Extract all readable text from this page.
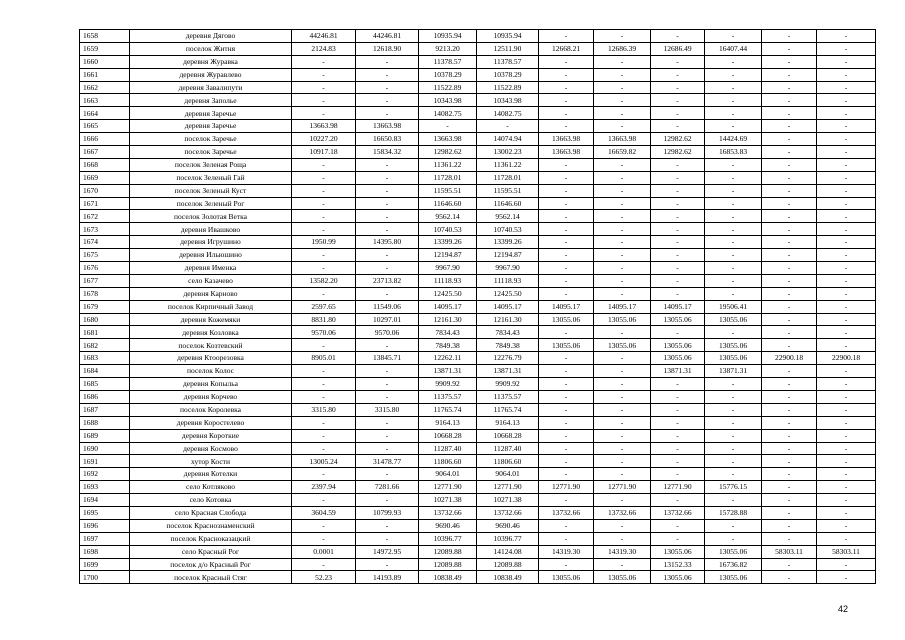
1658	деревня Дягово	44246.81	44246.81	10935.94	10935.94	-	-	-	-	-	-
1659	поселок Житня	2124.83	12618.90	9213.20	12511.90	12668.21	12686.39	12686.49	16407.44	-	-
1660	деревня Журавка	-	-	11378.57	11378.57	-	-	-	-	-	-
1661	деревня Журавлево	-	-	10378.29	10378.29	-	-	-	-	-	-
1662	деревня Завалипути	-	-	11522.89	11522.89	-	-	-	-	-	-
1663	деревня Заполье	-	-	10343.98	10343.98	-	-	-	-	-	-
1664	деревня Заречье	-	-	14082.75	14082.75	-	-	-	-	-	-
1665	деревня Заречье	13663.98	13663.98	-	-	-	-	-	-	-	-
1666	поселок Заречье	10227.20	16650.83	13663.98	14074.94	13663.98	13663.98	12982.62	14424.69	-	-
1667	поселок Заречье	10917.18	15834.32	12982.62	13002.23	13663.98	16659.82	12982.62	16853.83	-	-
1668	поселок Зеленая Роща	-	-	11361.22	11361.22	-	-	-	-	-	-
1669	поселок Зеленый Гай	-	-	11728.01	11728.01	-	-	-	-	-	-
1670	поселок Зеленый Куст	-	-	11595.51	11595.51	-	-	-	-	-	-
1671	поселок Зеленый Рог	-	-	11646.60	11646.60	-	-	-	-	-	-
1672	поселок Золотая Ветка	-	-	9562.14	9562.14	-	-	-	-	-	-
1673	деревня Ивашково	-	-	10740.53	10740.53	-	-	-	-	-	-
1674	деревня Игрушино	1950.99	14395.80	13399.26	13399.26	-	-	-	-	-	-
1675	деревня Ильюшино	-	-	12194.87	12194.87	-	-	-	-	-	-
1676	деревня Именка	-	-	9967.90	9967.90	-	-	-	-	-	-
1677	село Казачево	13582.20	23713.82	11118.93	11118.93	-	-	-	-	-	-
1678	деревня Карново	-	-	12425.50	12425.50	-	-	-	-	-	-
1679	поселок Кирпичный Завод	2597.65	11549.06	14095.17	14095.17	14095.17	14095.17	14095.17	19506.41	-	-
1680	деревня Кожемяки	8831.80	10297.01	12161.30	12161.30	13055.06	13055.06	13055.06	13055.06	-	-
1681	деревня Козловка	9570.06	9570.06	7834.43	7834.43	-	-	-	-	-	-
1682	поселок Козтевский	-	-	7849.38	7849.38	13055.06	13055.06	13055.06	13055.06	-	-
1683	деревня Ктоорезовка	8905.01	13845.71	12262.11	12276.79	-	-	13055.06	13055.06	22900.18	22900.18
1684	поселок Колос	-	-	13871.31	13871.31	-	-	13871.31	13871.31	-	-
1685	деревня Копыльа	-	-	9909.92	9909.92	-	-	-	-	-	-
1686	деревня Корчево	-	-	11375.57	11375.57	-	-	-	-	-	-
1687	поселок Королевка	3315.80	3315.80	11765.74	11765.74	-	-	-	-	-	-
1688	деревня Коростелево	-	-	9164.13	9164.13	-	-	-	-	-	-
1689	деревня Короткие	-	-	10668.28	10668.28	-	-	-	-	-	-
1690	деревня Космово	-	-	11287.40	11287.40	-	-	-	-	-	-
1691	хутор Кости	13005.24	31478.77	11806.60	11806.60	-	-	-	-	-	-
1692	деревня Котелки	-	-	9064.01	9064.01	-	-	-	-	-	-
1693	село Котляково	2397.94	7281.66	12771.90	12771.90	12771.90	12771.90	12771.90	15776.15	-	-
1694	село Котовка	-	-	10271.38	10271.38	-	-	-	-	-	-
1695	село Красная Слобода	3604.59	10799.93	13732.66	13732.66	13732.66	13732.66	13732.66	15728.88	-	-
1696	поселок Краснознаменский	-	-	9690.46	9690.46	-	-	-	-	-	-
1697	поселок Красноказацкий	-	-	10396.77	10396.77	-	-	-	-	-	-
1698	село Красный Рог	0.0001	14972.95	12089.88	14124.08	14319.30	14319.30	13055.06	13055.06	58303.11	58303.11
1699	поселок д/о Красный Рог	-	-	12089.88	12089.88	-	-	13152.33	16736.82	-	-
1700	поселок Красный Стяг	52.23	14193.89	10838.49	10838.49	13055.06	13055.06	13055.06	13055.06	-	-
42
